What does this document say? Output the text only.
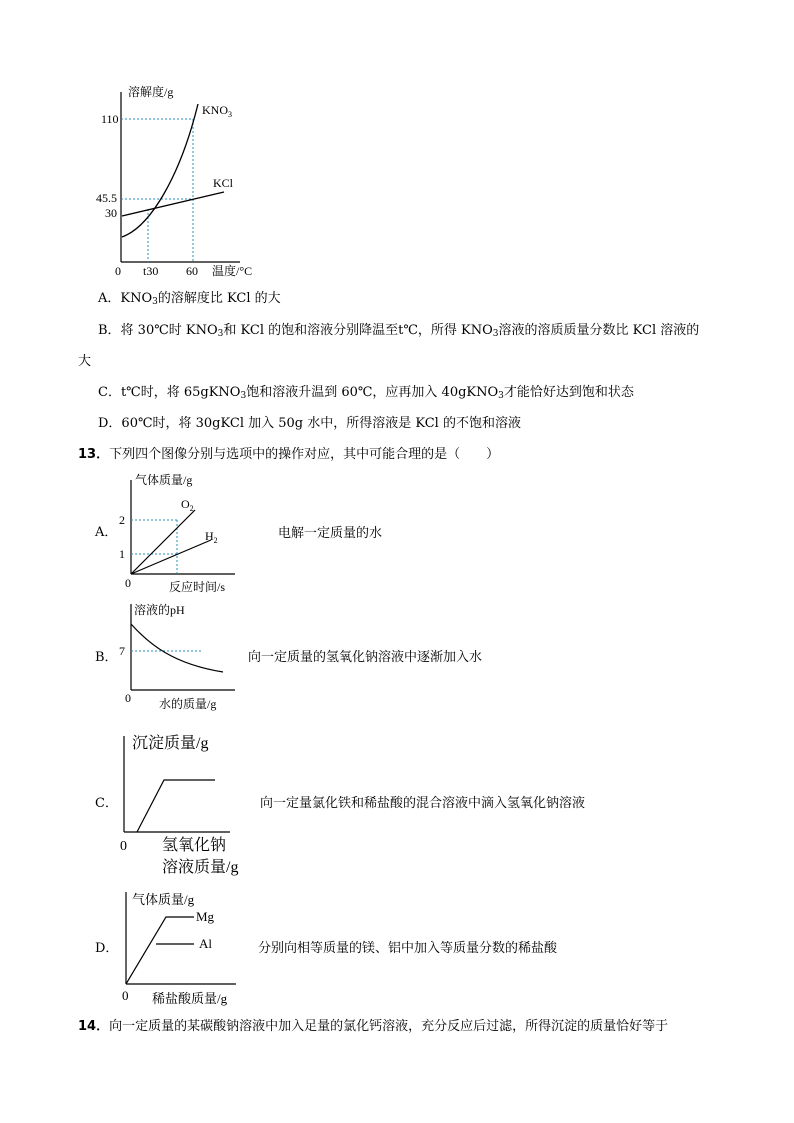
溶解度/g
$KNO_3$
KCl
110
45.5
30
0 t30 60 温度/°C
A．$KNO_3$的溶解度比 KCl 的大
B．将 30℃时 $KNO_3$和 KCl 的饱和溶液分别降温至t℃，所得 $KNO_3$溶液的溶质质量分数比 KCl 溶液的
大
C．t℃时，将 65gKNO$_3$饱和溶液升温到 60℃，应再加入 40gKNO$_3$才能恰好达到饱和状态
D．60℃时，将 30gKCl 加入 50g 水中，所得溶液是 KCl 的不饱和溶液
13．下列四个图像分别与选项中的操作对应，其中可能合理的是（　　）
A．
气体质量/g
$O_2$
$H_2$
2
1
0	反应时间/s
电解一定质量的水
B．
溶液的pH
7
0 水的质量/g
向一定质量的氢氧化钠溶液中逐渐加入水
C．
沉淀质量/g
0 氢氧化钠
溶液质量/g
向一定量氯化铁和稀盐酸的混合溶液中滴入氢氧化钠溶液
D．
气体质量/g
Mg
Al
0 稀盐酸质量/g
分别向相等质量的镁、铝中加入等质量分数的稀盐酸
14．向一定质量的某碳酸钠溶液中加入足量的氯化钙溶液，充分反应后过滤，所得沉淀的质量恰好等于
